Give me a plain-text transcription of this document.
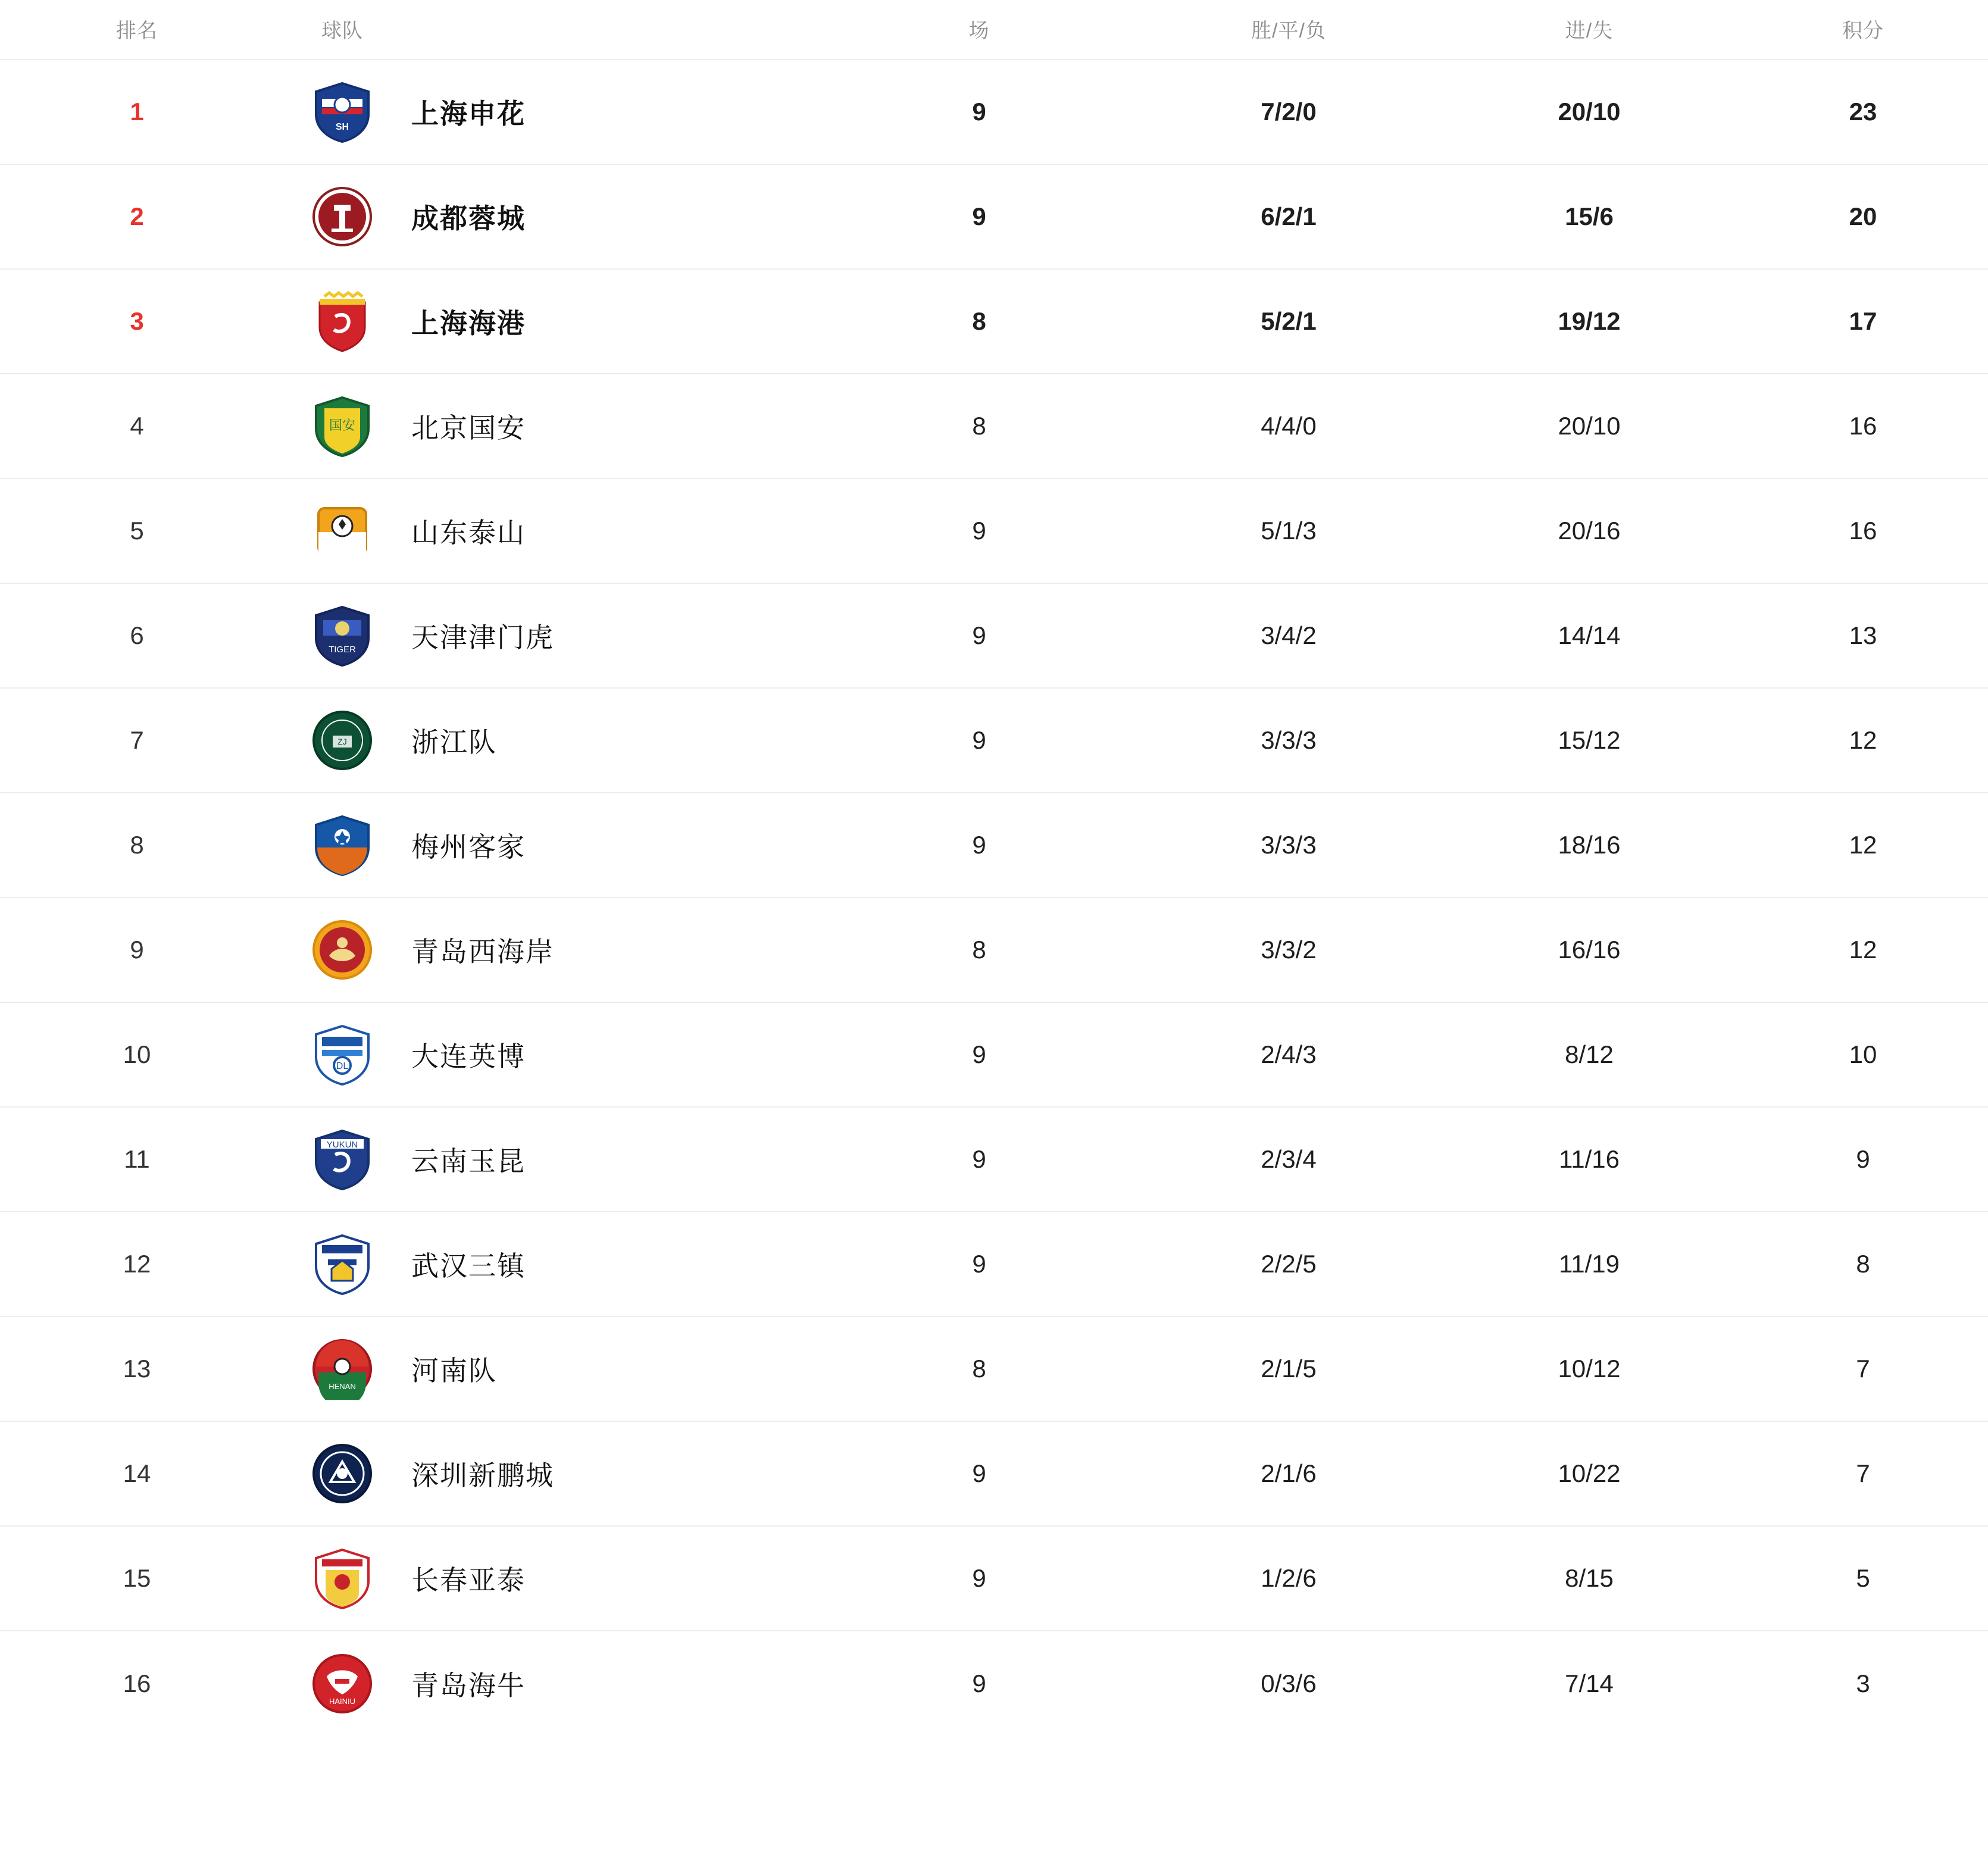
排名	球队		场	胜/平/负	进/失	积分
1	SH	上海申花	9	7/2/0	20/10	23
2		成都蓉城	9	6/2/1	15/6	20
3		上海海港	8	5/2/1	19/12	17
4	国安	北京国安	8	4/4/0	20/10	16
5		山东泰山	9	5/1/3	20/16	16
6	TIGER	天津津门虎	9	3/4/2	14/14	13
7	ZJ	浙江队	9	3/3/3	15/12	12
8		梅州客家	9	3/3/3	18/16	12
9		青岛西海岸	8	3/3/2	16/16	12
10	DL	大连英博	9	2/4/3	8/12	10
11	YUKUN	云南玉昆	9	2/3/4	11/16	9
12		武汉三镇	9	2/2/5	11/19	8
13	HENAN	河南队	8	2/1/5	10/12	7
14		深圳新鹏城	9	2/1/6	10/22	7
15		长春亚泰	9	1/2/6	8/15	5
16	HAINIU	青岛海牛	9	0/3/6	7/14	3
